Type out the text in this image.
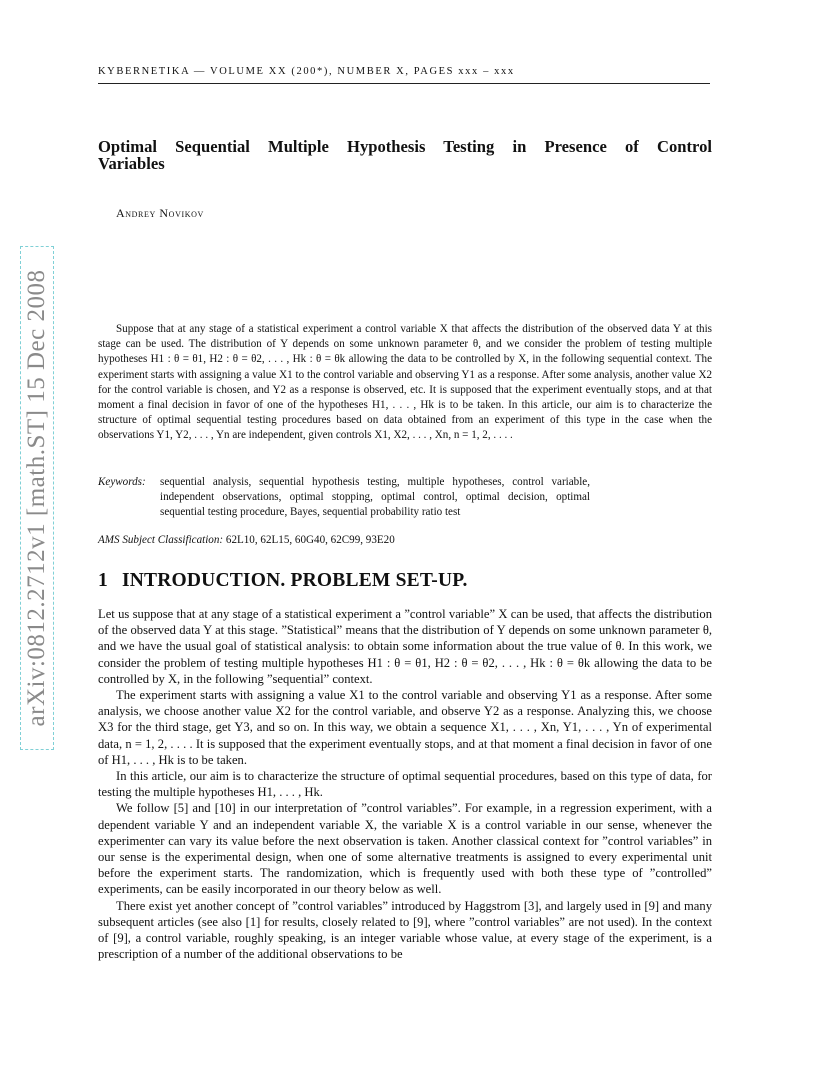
KYBERNETIKA — VOLUME XX (200*), NUMBER X, PAGES xxx – xxx
Optimal Sequential Multiple Hypothesis Testing in Presence of Control Variables
Andrey Novikov
arXiv:0812.2712v1 [math.ST] 15 Dec 2008	Suppose that at any stage of a statistical experiment a control variable X that affects the distribution of the observed data Y at this stage can be used. The distribution of Y depends on some unknown parameter θ, and we consider the problem of testing multiple hypotheses H1 : θ = θ1, H2 : θ = θ2, . . . , Hk : θ = θk allowing the data to be controlled by X, in the following sequential context. The experiment starts with assigning a value X1 to the control variable and observing Y1 as a response. After some analysis, another value X2 for the control variable is chosen, and Y2 as a response is observed, etc. It is supposed that the experiment eventually stops, and at that moment a final decision in favor of one of the hypotheses H1, . . . , Hk is to be taken. In this article, our aim is to characterize the structure of optimal sequential testing procedures based on data obtained from an experiment of this type in the case when the observations Y1, Y2, . . . , Yn are independent, given controls X1, X2, . . . , Xn, n = 1, 2, . . . .

Keywords:	sequential analysis, sequential hypothesis testing, multiple hypotheses, control variable, independent observations, optimal stopping, optimal control, optimal decision, optimal sequential testing procedure, Bayes, sequential probability ratio test
AMS Subject Classification: 62L10, 62L15, 60G40, 62C99, 93E20
1 INTRODUCTION. PROBLEM SET-UP.

Let us suppose that at any stage of a statistical experiment a ”control variable” X can be used, that affects the distribution of the observed data Y at this stage. ”Statistical” means that the distribution of Y depends on some unknown parameter θ, and we have the usual goal of statistical analysis: to obtain some information about the true value of θ. In this work, we consider the problem of testing multiple hypotheses H1 : θ = θ1, H2 : θ = θ2, . . . , Hk : θ = θk allowing the data to be controlled by X, in the following ”sequential” context.

The experiment starts with assigning a value X1 to the control variable and observing Y1 as a response. After some analysis, we choose another value X2 for the control variable, and observe Y2 as a response. Analyzing this, we choose X3 for the third stage, get Y3, and so on. In this way, we obtain a sequence X1, . . . , Xn, Y1, . . . , Yn of experimental data, n = 1, 2, . . . . It is supposed that the experiment eventually stops, and at that moment a final decision in favor of one of H1, . . . , Hk is to be taken.

In this article, our aim is to characterize the structure of optimal sequential procedures, based on this type of data, for testing the multiple hypotheses H1, . . . , Hk.

We follow [5] and [10] in our interpretation of ”control variables”. For example, in a regression experiment, with a dependent variable Y and an independent variable X, the variable X is a control variable in our sense, whenever the experimenter can vary its value before the next observation is taken. Another classical context for ”control variables” in our sense is the experimental design, when one of some alternative treatments is assigned to every experimental unit before the experiment starts. The randomization, which is frequently used with both these type of ”controlled” experiments, can be easily incorporated in our theory below as well.

There exist yet another concept of ”control variables” introduced by Haggstrom [3], and largely used in [9] and many subsequent articles (see also [1] for results, closely related to [9], where ”control variables” are not used). In the context of [9], a control variable, roughly speaking, is an integer variable whose value, at every stage of the experiment, is a prescription of a number of the additional observations to be
